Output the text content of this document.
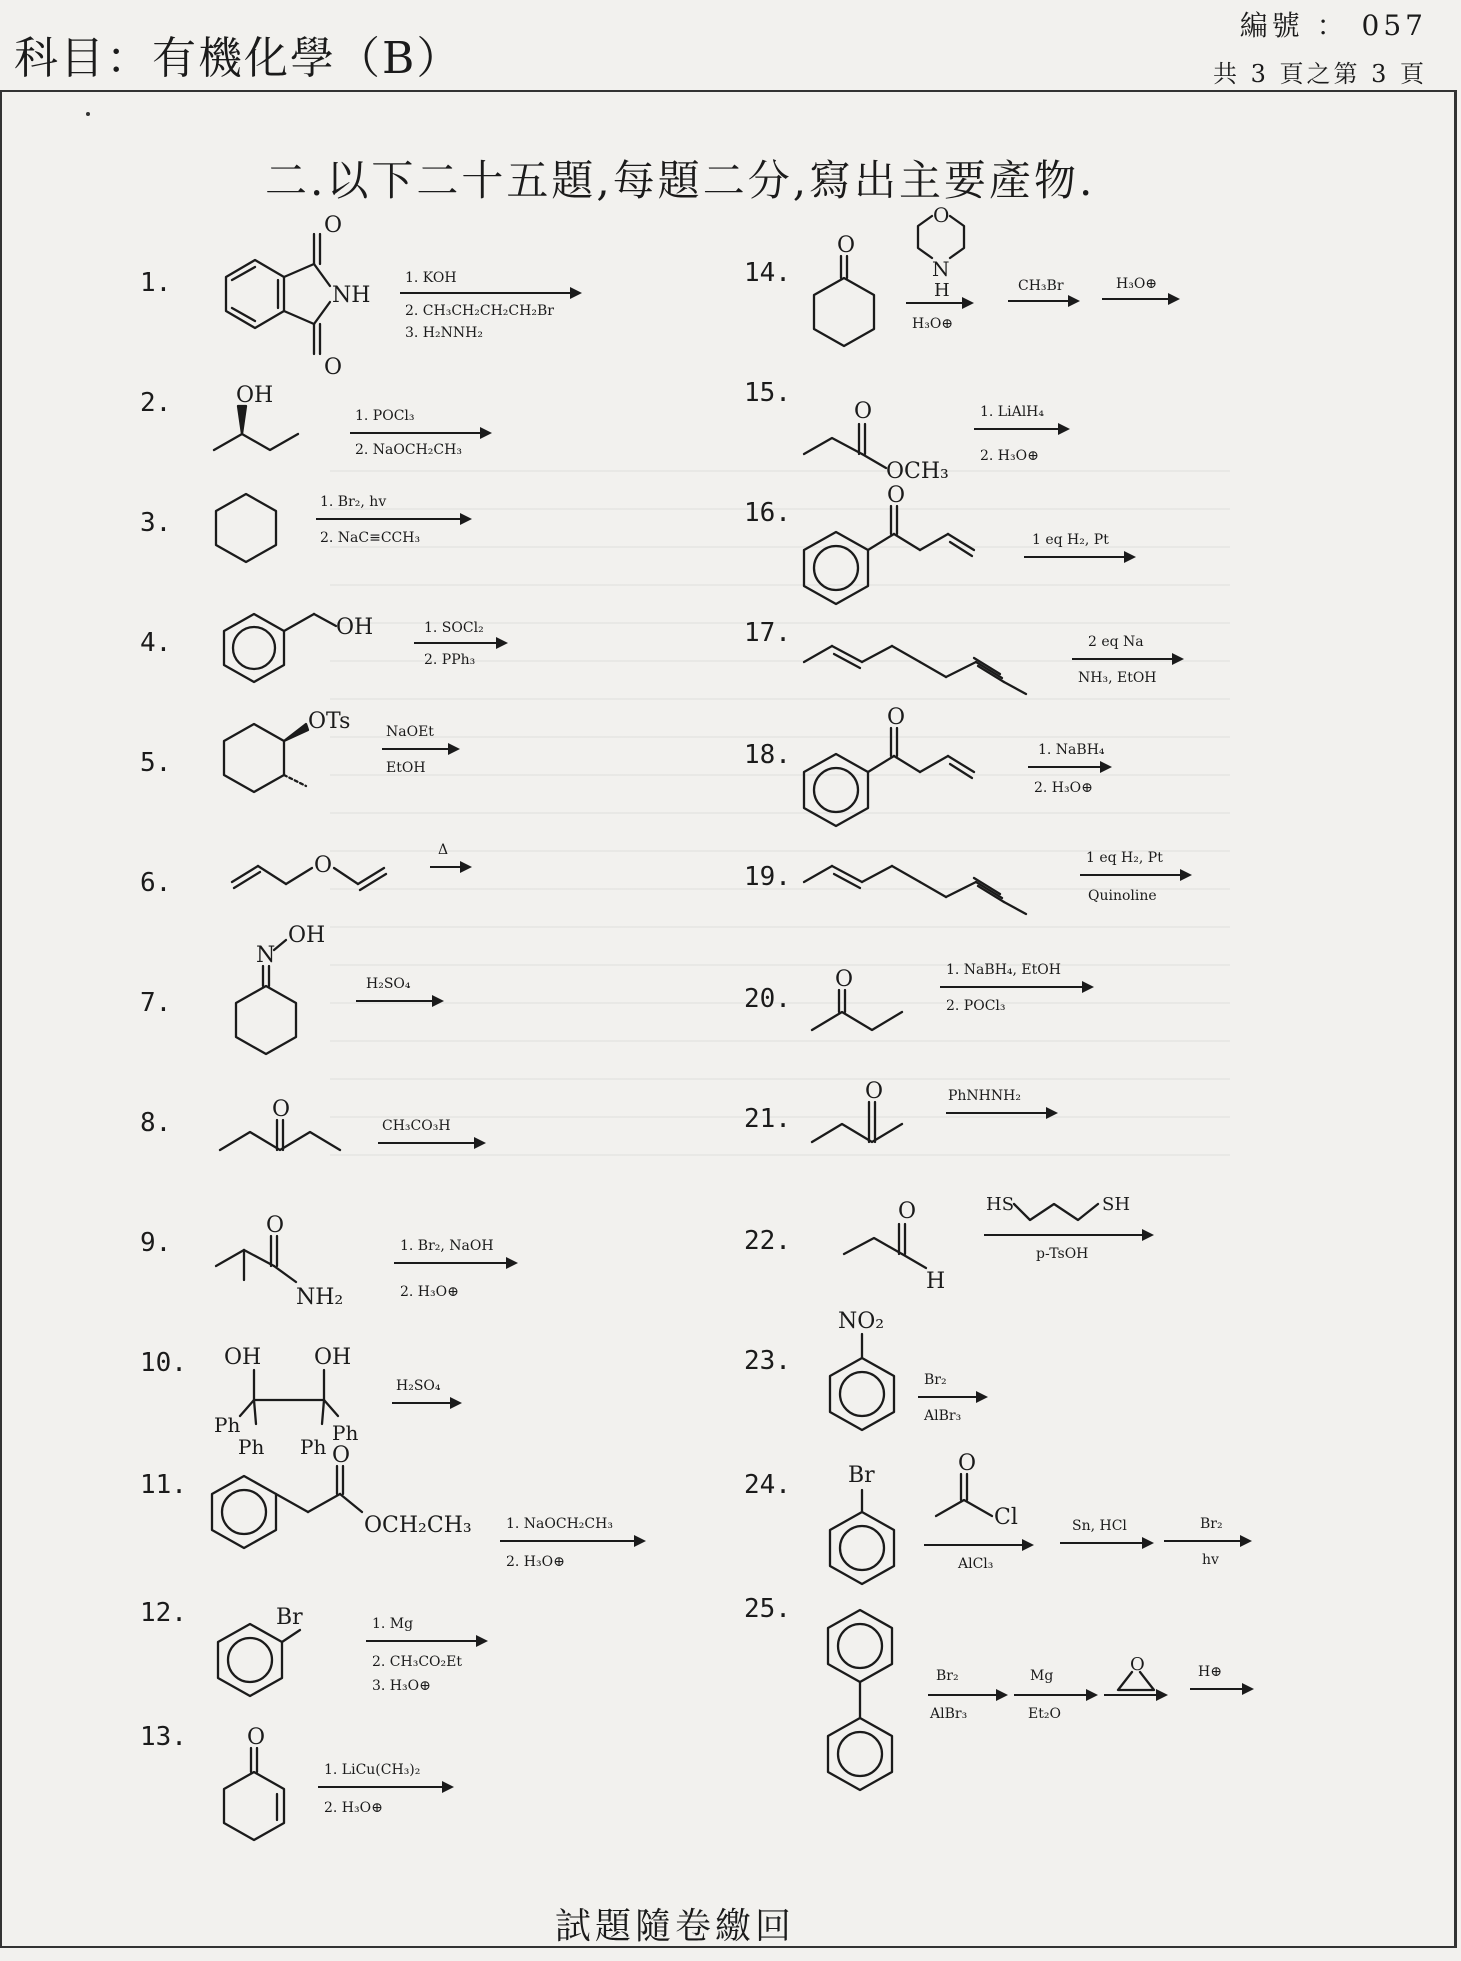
科目：有機化學（B）
編號 ： 057
共 3 頁之第 3 頁
二.以下二十五題,每題二分,寫出主要產物.
1.
O
O
NH
1. KOH
2. CH₃CH₂CH₂CH₂Br
3. H₂NNH₂
2.	OH
1. POCl₃
2. NaOCH₂CH₃
3.
1. Br₂, hv
2. NaC≡CCH₃
4.
OH	1. SOCl₂
2. PPh₃
5.
OTs	NaOEt
EtOH
6.
O
Δ
7.
N
OH
H₂SO₄
8.	O
CH₃CO₃H
9.
O
NH₂
1. Br₂, NaOH
2. H₃O⊕
10. OH OH
Ph
Ph Ph
Ph
H₂SO₄
11.
O
OCH₂CH₃ 1. NaOCH₂CH₃
2. H₃O⊕
12.	Br	1. Mg
2. CH₃CO₂Et
3. H₃O⊕
13.	O
1. LiCu(CH₃)₂
2. H₃O⊕
14.
O
O
N
H
H₃O⊕
CH₃Br	H₃O⊕
15.
O
OCH₃
1. LiAlH₄
2. H₃O⊕
16.
O
1 eq H₂, Pt
17.	2 eq Na
NH₃, EtOH
18.
O
1. NaBH₄
2. H₃O⊕
19.
1 eq H₂, Pt
Quinoline
20.
O	1. NaBH₄, EtOH
2. POCl₃
21.
O	PhNHNH₂
22.
O
H
HS	SH
p-TsOH
23.
NO₂
Br₂
AlBr₃
24.	Br	O
Cl
AlCl₃
Sn, HCl	Br₂
hv
25.
Br₂
AlBr₃
Mg
Et₂O
O	H⊕
試題隨卷繳回
